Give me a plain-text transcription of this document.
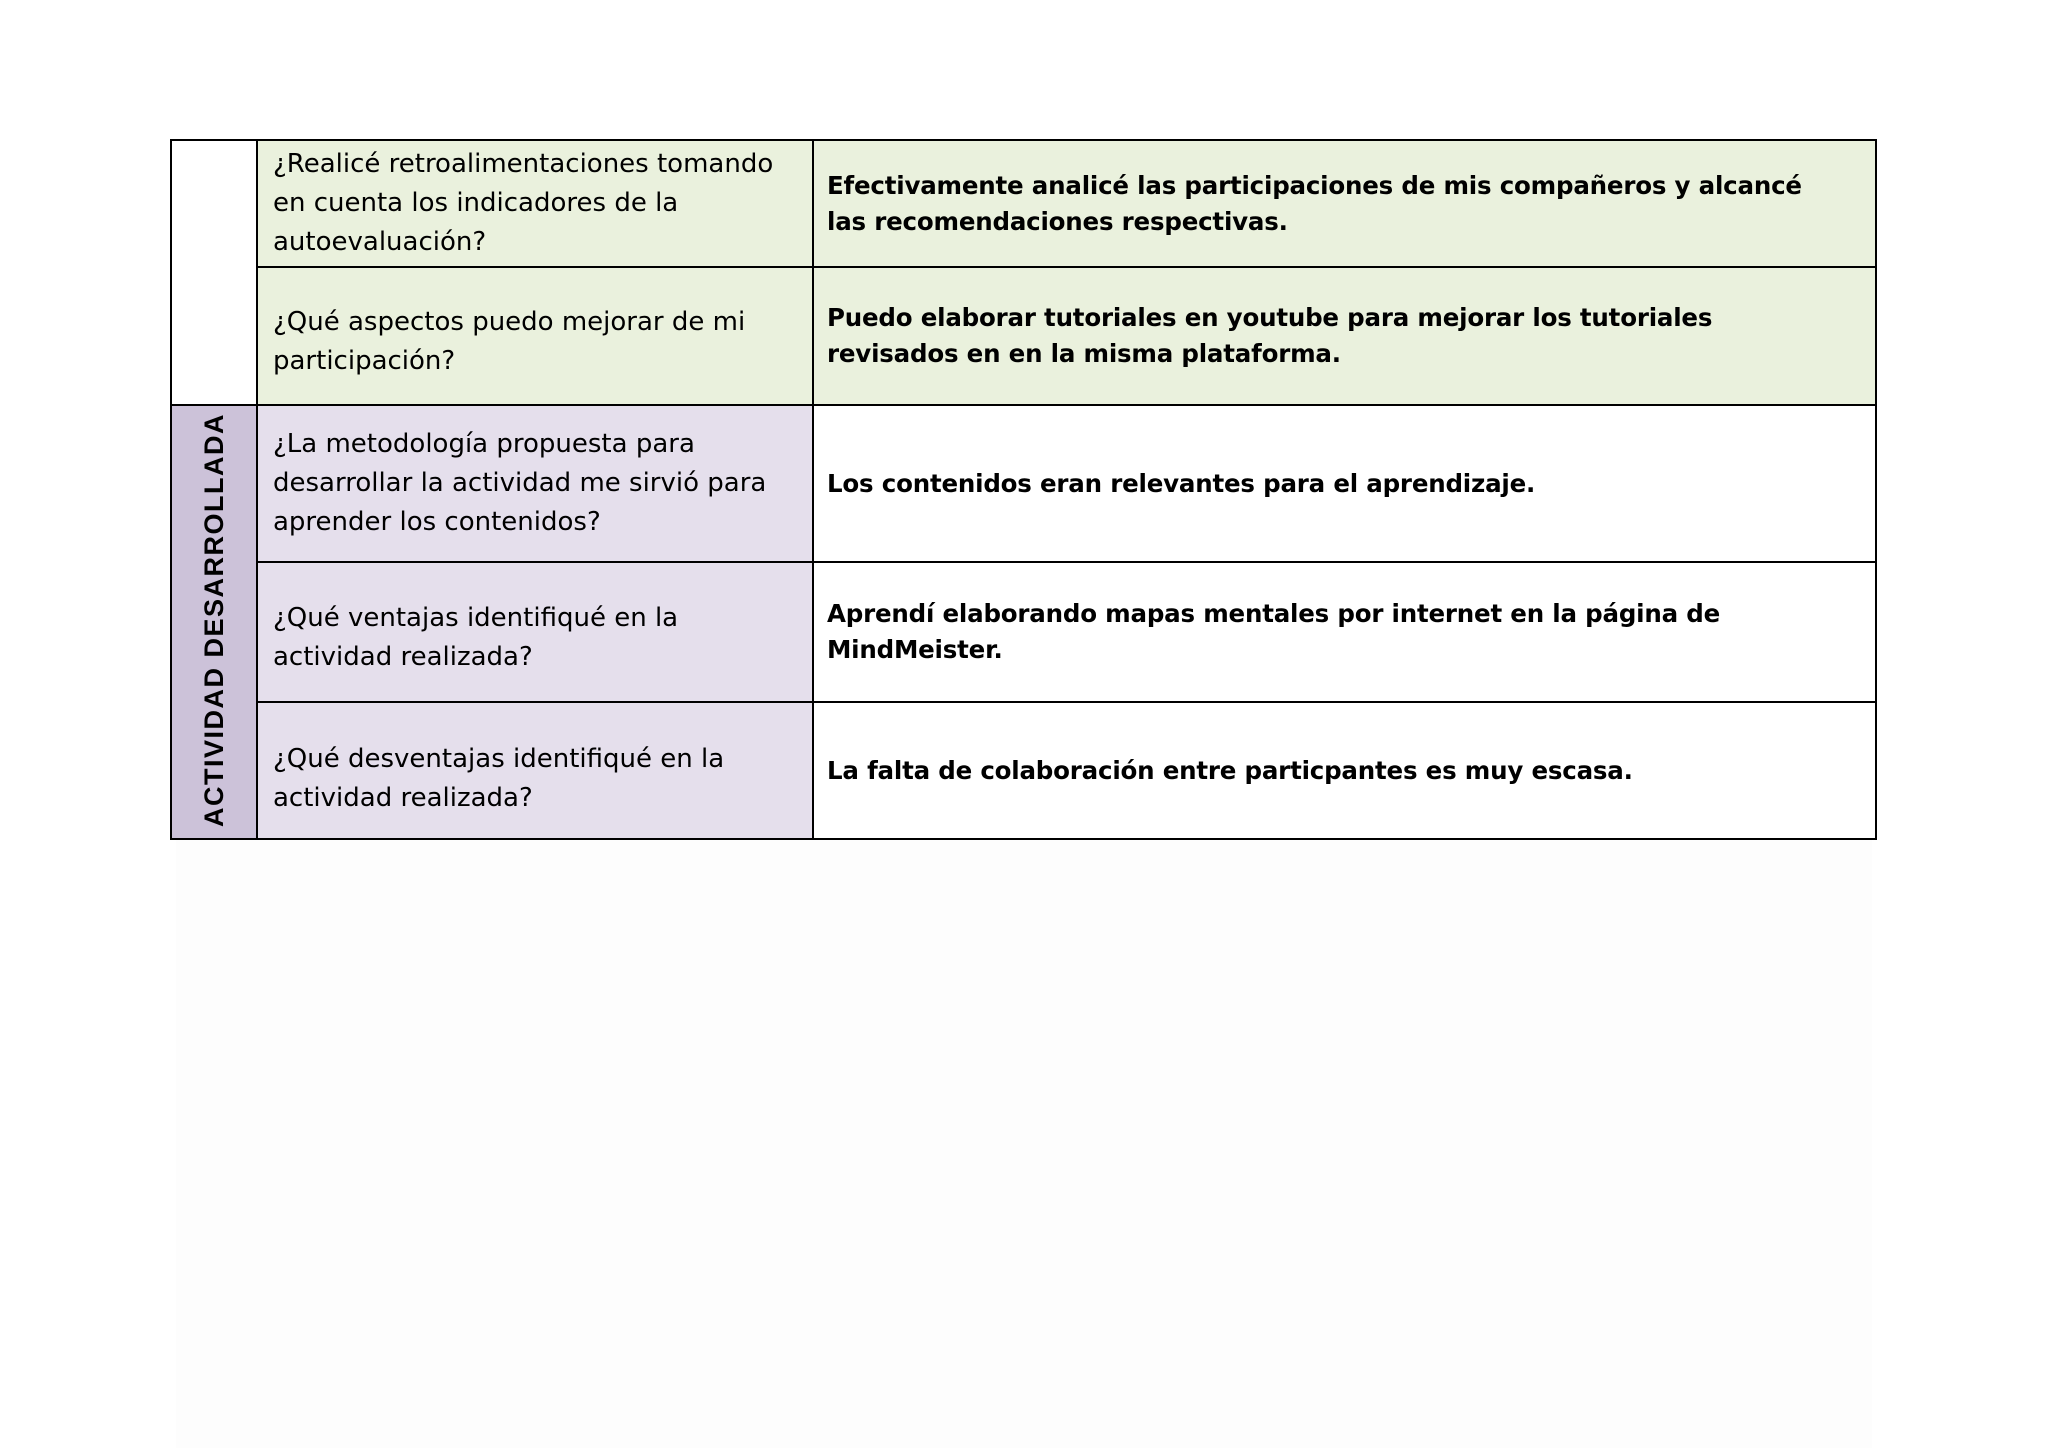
	¿Realicé retroalimentaciones tomando en cuenta los indicadores de la autoevaluación?	Efectivamente analicé las participaciones de mis compañeros y alcancé las recomendaciones respectivas.
	¿Qué aspectos puedo mejorar de mi participación?	Puedo elaborar tutoriales en youtube para mejorar los tutoriales revisados en en la misma plataforma.
ACTIVIDAD DESARROLLADA	¿La metodología propuesta para desarrollar la actividad me sirvió para aprender los contenidos?	Los contenidos eran relevantes para el aprendizaje.
	¿Qué ventajas identifiqué en la actividad realizada?	Aprendí elaborando mapas mentales por internet en la página de MindMeister.
	¿Qué desventajas identifiqué en la actividad realizada?	La falta de colaboración entre particpantes es muy escasa.
